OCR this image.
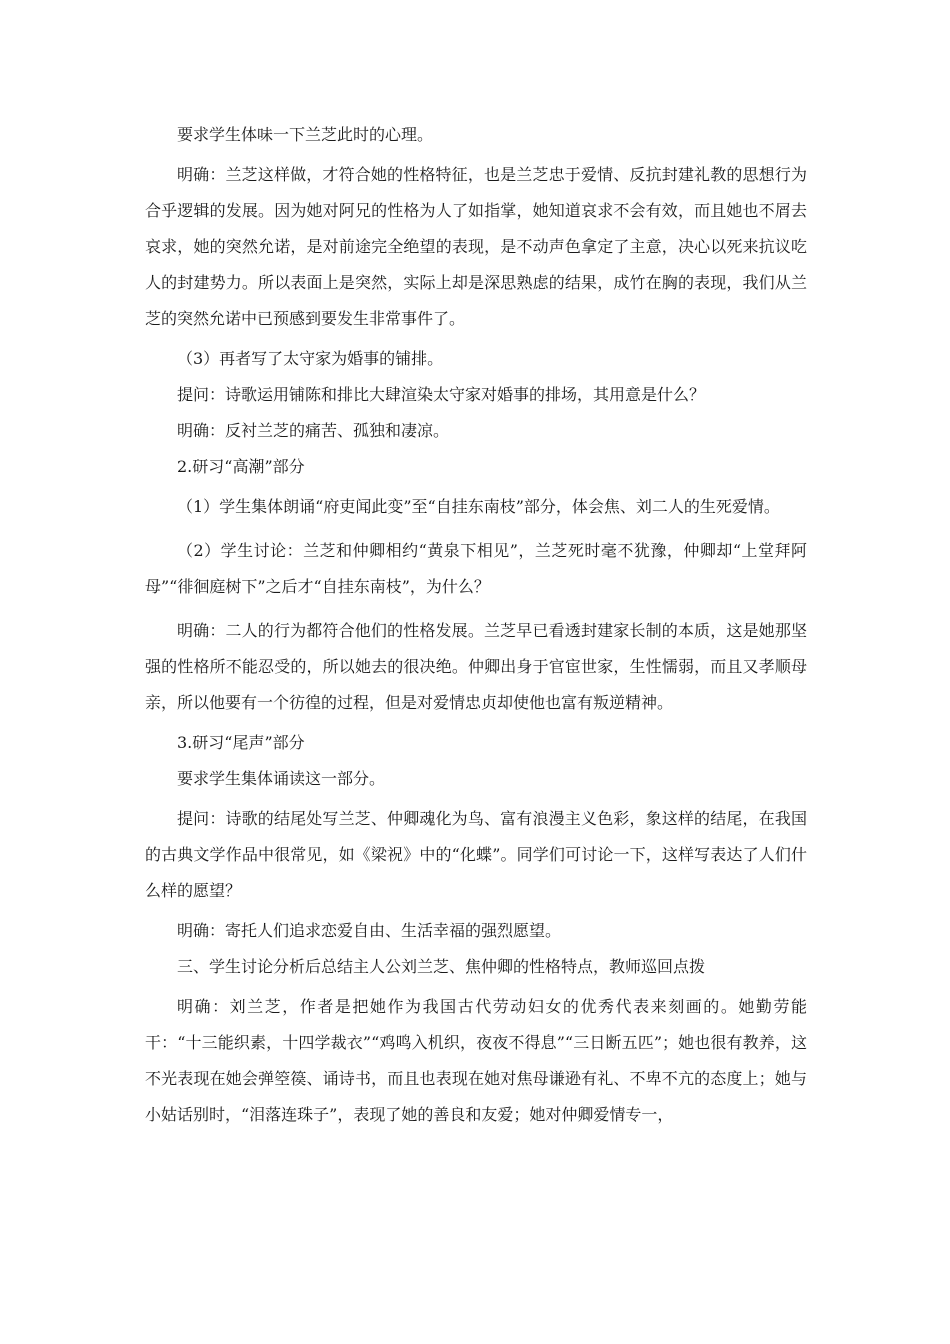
要求学生体味一下兰芝此时的心理。

明确：兰芝这样做，才符合她的性格特征，也是兰芝忠于爱情、反抗封建礼教的思想行为合乎逻辑的发展。因为她对阿兄的性格为人了如指掌，她知道哀求不会有效，而且她也不屑去哀求，她的突然允诺，是对前途完全绝望的表现，是不动声色拿定了主意，决心以死来抗议吃人的封建势力。所以表面上是突然，实际上却是深思熟虑的结果，成竹在胸的表现，我们从兰芝的突然允诺中已预感到要发生非常事件了。

（3）再者写了太守家为婚事的铺排。

提问：诗歌运用铺陈和排比大肆渲染太守家对婚事的排场，其用意是什么？

明确：反衬兰芝的痛苦、孤独和凄凉。

2.研习“高潮”部分

（1）学生集体朗诵“府吏闻此变”至“自挂东南枝”部分，体会焦、刘二人的生死爱情。

（2）学生讨论：兰芝和仲卿相约“黄泉下相见”，兰芝死时毫不犹豫，仲卿却“上堂拜阿母”“徘徊庭树下”之后才“自挂东南枝”，为什么？

明确：二人的行为都符合他们的性格发展。兰芝早已看透封建家长制的本质，这是她那坚强的性格所不能忍受的，所以她去的很决绝。仲卿出身于官宦世家，生性懦弱，而且又孝顺母亲，所以他要有一个彷徨的过程，但是对爱情忠贞却使他也富有叛逆精神。

3.研习“尾声”部分

要求学生集体诵读这一部分。

提问：诗歌的结尾处写兰芝、仲卿魂化为鸟、富有浪漫主义色彩，象这样的结尾，在我国的古典文学作品中很常见，如《梁祝》中的“化蝶”。同学们可讨论一下，这样写表达了人们什么样的愿望？

明确：寄托人们追求恋爱自由、生活幸福的强烈愿望。

三、学生讨论分析后总结主人公刘兰芝、焦仲卿的性格特点，教师巡回点拨

明确：刘兰芝，作者是把她作为我国古代劳动妇女的优秀代表来刻画的。她勤劳能干：“十三能织素，十四学裁衣”“鸡鸣入机织，夜夜不得息”“三日断五匹”；她也很有教养，这不光表现在她会弹箜篌、诵诗书，而且也表现在她对焦母谦逊有礼、不卑不亢的态度上；她与小姑话别时，“泪落连珠子”，表现了她的善良和友爱；她对仲卿爱情专一，
